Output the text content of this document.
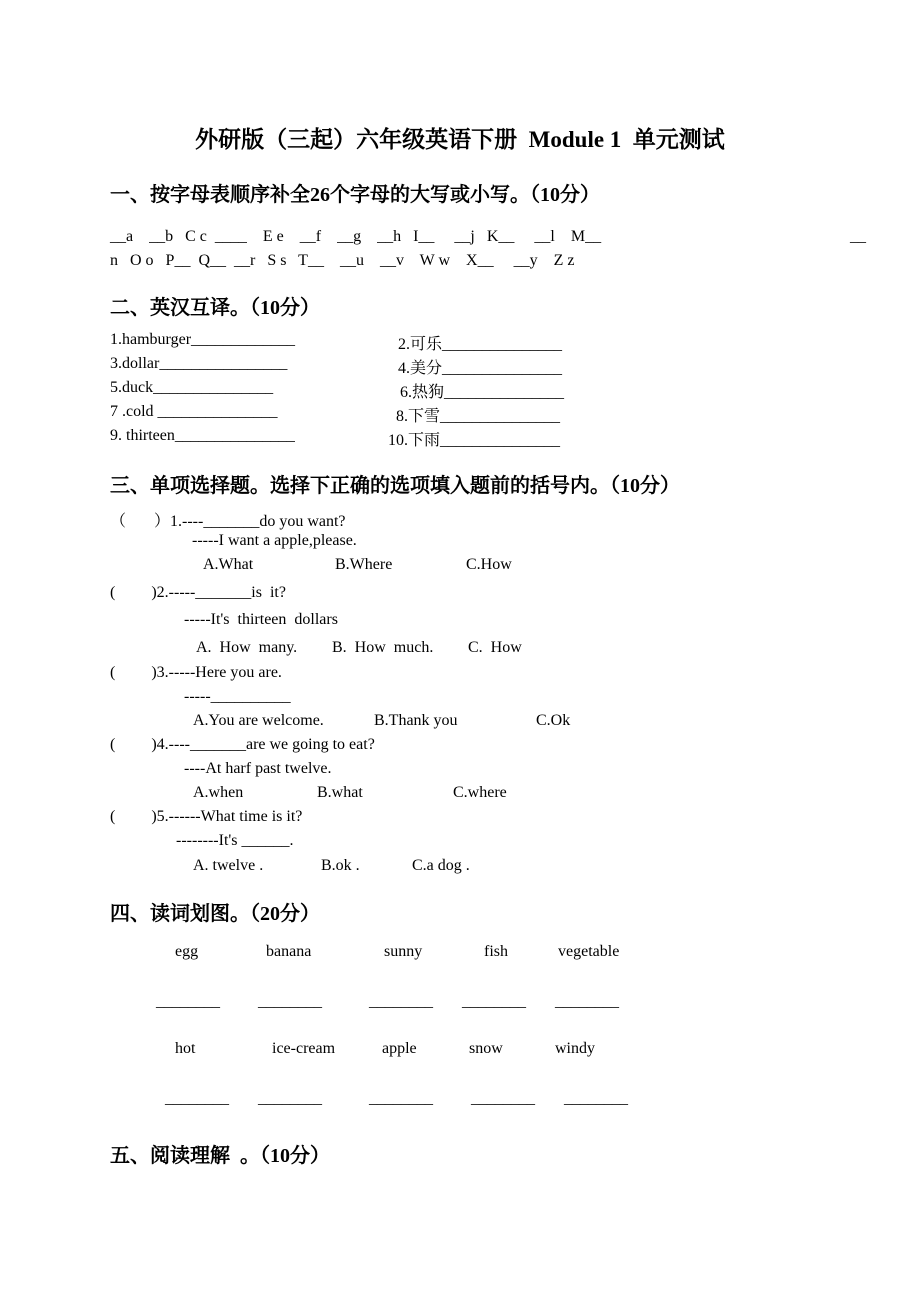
外研版（三起）六年级英语下册  Module 1  单元测试
一、按字母表顺序补全26个字母的大写或小写。（10分）
__a    __b   C c  ____    E e    __f    __g    __h   I__     __j   K__     __l    M__	__
n   O o   P__  Q__  __r   S s   T__    __u    __v    W w    X__     __y    Z z
二、英汉互译。（10分）
1.hamburger_____________	2.可乐_______________
3.dollar________________	4.美分_______________
5.duck_______________	6.热狗_______________
7 .cold _______________	8.下雪_______________
9. thirteen_______________	10.下雨_______________
三、单项选择题。选择下正确的选项填入题前的括号内。（10分）
（       ）1.----_______do you want?
-----I want a apple,please.
A.What	B.Where	C.How
(         )2.-----_______is  it?
-----It's  thirteen  dollars
A.  How  many. B.  How  much. C.  How
(         )3.-----Here you are.
-----__________
A.You are welcome.	B.Thank you	C.Ok
(         )4.----_______are we going to eat?
----At harf past twelve.
A.when	B.what	C.where
(         )5.------What time is it?
--------It's ______.
A. twelve .	B.ok .	C.a dog .
四、读词划图。（20分）
egg	banana	sunny	fish	vegetable
________ ________	________ ________ ________
hot	ice-cream	apple	snow	windy
________ ________	________ ________ ________
五、阅读理解  。（10分）
